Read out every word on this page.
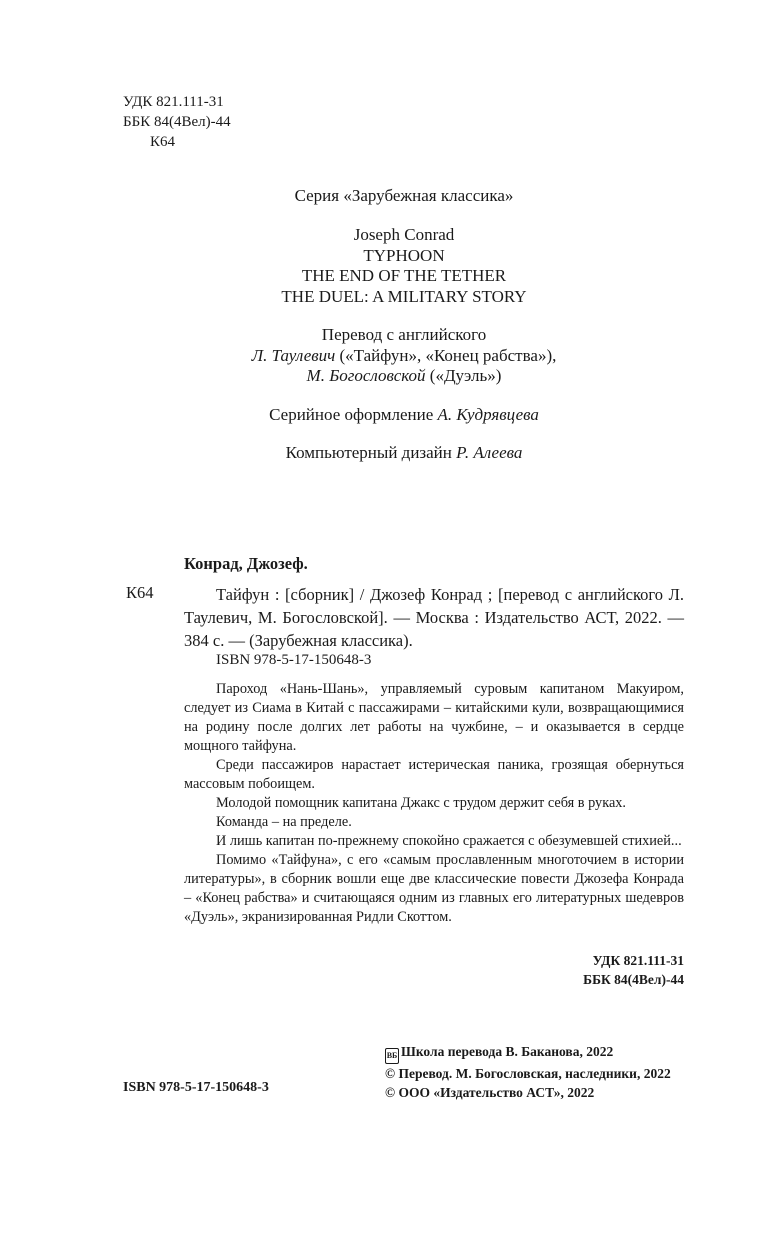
УДК 821.111-31
ББК 84(4Вел)-44
К64
Серия «Зарубежная классика»
Joseph Conrad
TYPHOON
THE END OF THE TETHER
THE DUEL: A MILITARY STORY
Перевод с английского
Л. Таулевич («Тайфун», «Конец рабства»),
М. Богословской («Дуэль»)
Серийное оформление А. Кудрявцева
Компьютерный дизайн Р. Алеева
Конрад, Джозеф.
К64	Тайфун : [сборник] / Джозеф Конрад ; [перевод с английского Л. Таулевич, М. Богословской]. — Москва : Издательство АСТ, 2022. — 384 с. — (Зарубежная классика).

ISBN 978-5-17-150648-3

Пароход «Нань-Шань», управляемый суровым капитаном Макуиром, следует из Сиама в Китай с пассажирами – китайскими кули, возвращающимися на родину после долгих лет работы на чужбине, – и оказывается в сердце мощного тайфуна.

Среди пассажиров нарастает истерическая паника, грозящая обернуться массовым побоищем.

Молодой помощник капитана Джакс с трудом держит себя в руках.

Команда – на пределе.

И лишь капитан по-прежнему спокойно сражается с обезумевшей стихией...

Помимо «Тайфуна», с его «самым прославленным многоточием в истории литературы», в сборник вошли еще две классические повести Джозефа Конрада – «Конец рабства» и считающаяся одним из главных его литературных шедевров «Дуэль», экранизированная Ридли Скоттом.

УДК 821.111-31
ББК 84(4Вел)-44
ВБ Школа перевода В. Баканова, 2022
© Перевод. М. Богословская, наследники, 2022
© ООО «Издательство АСТ», 2022
ISBN 978-5-17-150648-3
